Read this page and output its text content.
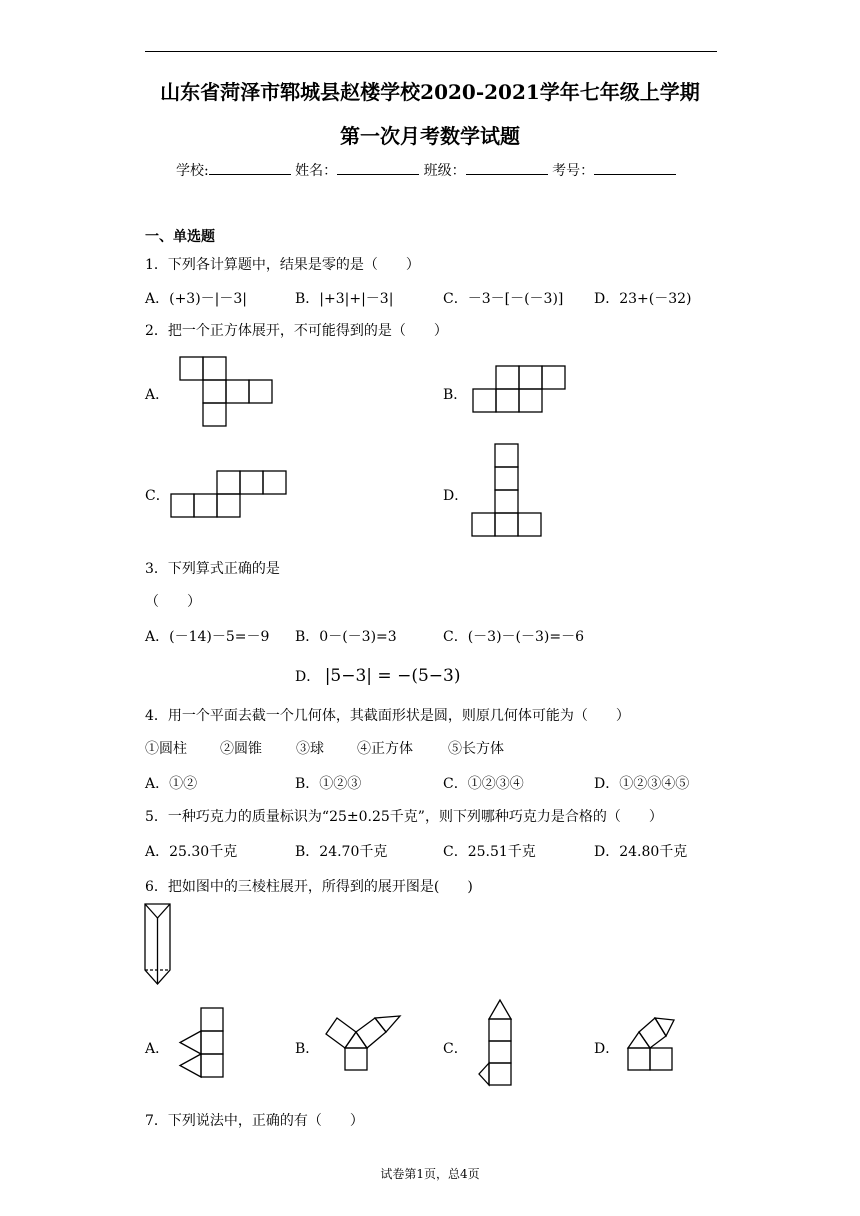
山东省菏泽市郓城县赵楼学校2020-2021学年七年级上学期
第一次月考数学试题
学校:	姓名：	班级：	考号：
一、单选题
1．下列各计算题中，结果是零的是（　　）
A．(+3)－|－3|	B．|+3|+|－3|	C．－3－[－(－3)] D．23+(－32)
2．把一个正方体展开，不可能得到的是（　　）
A．	B．
C．	D．
3．下列算式正确的是
（　　）
A．(－14)－5=－9 B．0－(－3)=3	C．(－3)－(－3)=－6
D． |5−3| = −(5−3)
4．用一个平面去截一个几何体，其截面形状是圆，则原几何体可能为（　　）
①圆柱 ②圆锥 ③球 ④正方体	⑤长方体
A．①②	B．①②③	C．①②③④	D．①②③④⑤
5．一种巧克力的质量标识为“25±0.25千克”，则下列哪种巧克力是合格的（　　）
A．25.30千克	B．24.70千克	C．25.51千克	D．24.80千克
6．把如图中的三棱柱展开，所得到的展开图是(　　)
A．	B．	C．	D．
7．下列说法中，正确的有（　　）
试卷第1页，总4页
